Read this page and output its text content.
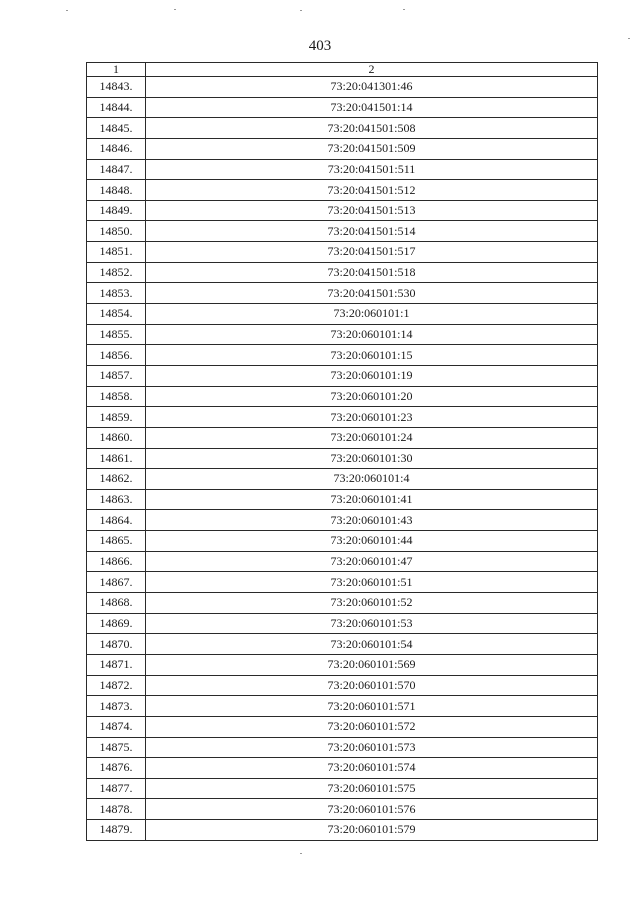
403
1	2
14843.	73:20:041301:46
14844.	73:20:041501:14
14845.	73:20:041501:508
14846.	73:20:041501:509
14847.	73:20:041501:511
14848.	73:20:041501:512
14849.	73:20:041501:513
14850.	73:20:041501:514
14851.	73:20:041501:517
14852.	73:20:041501:518
14853.	73:20:041501:530
14854.	73:20:060101:1
14855.	73:20:060101:14
14856.	73:20:060101:15
14857.	73:20:060101:19
14858.	73:20:060101:20
14859.	73:20:060101:23
14860.	73:20:060101:24
14861.	73:20:060101:30
14862.	73:20:060101:4
14863.	73:20:060101:41
14864.	73:20:060101:43
14865.	73:20:060101:44
14866.	73:20:060101:47
14867.	73:20:060101:51
14868.	73:20:060101:52
14869.	73:20:060101:53
14870.	73:20:060101:54
14871.	73:20:060101:569
14872.	73:20:060101:570
14873.	73:20:060101:571
14874.	73:20:060101:572
14875.	73:20:060101:573
14876.	73:20:060101:574
14877.	73:20:060101:575
14878.	73:20:060101:576
14879.	73:20:060101:579
